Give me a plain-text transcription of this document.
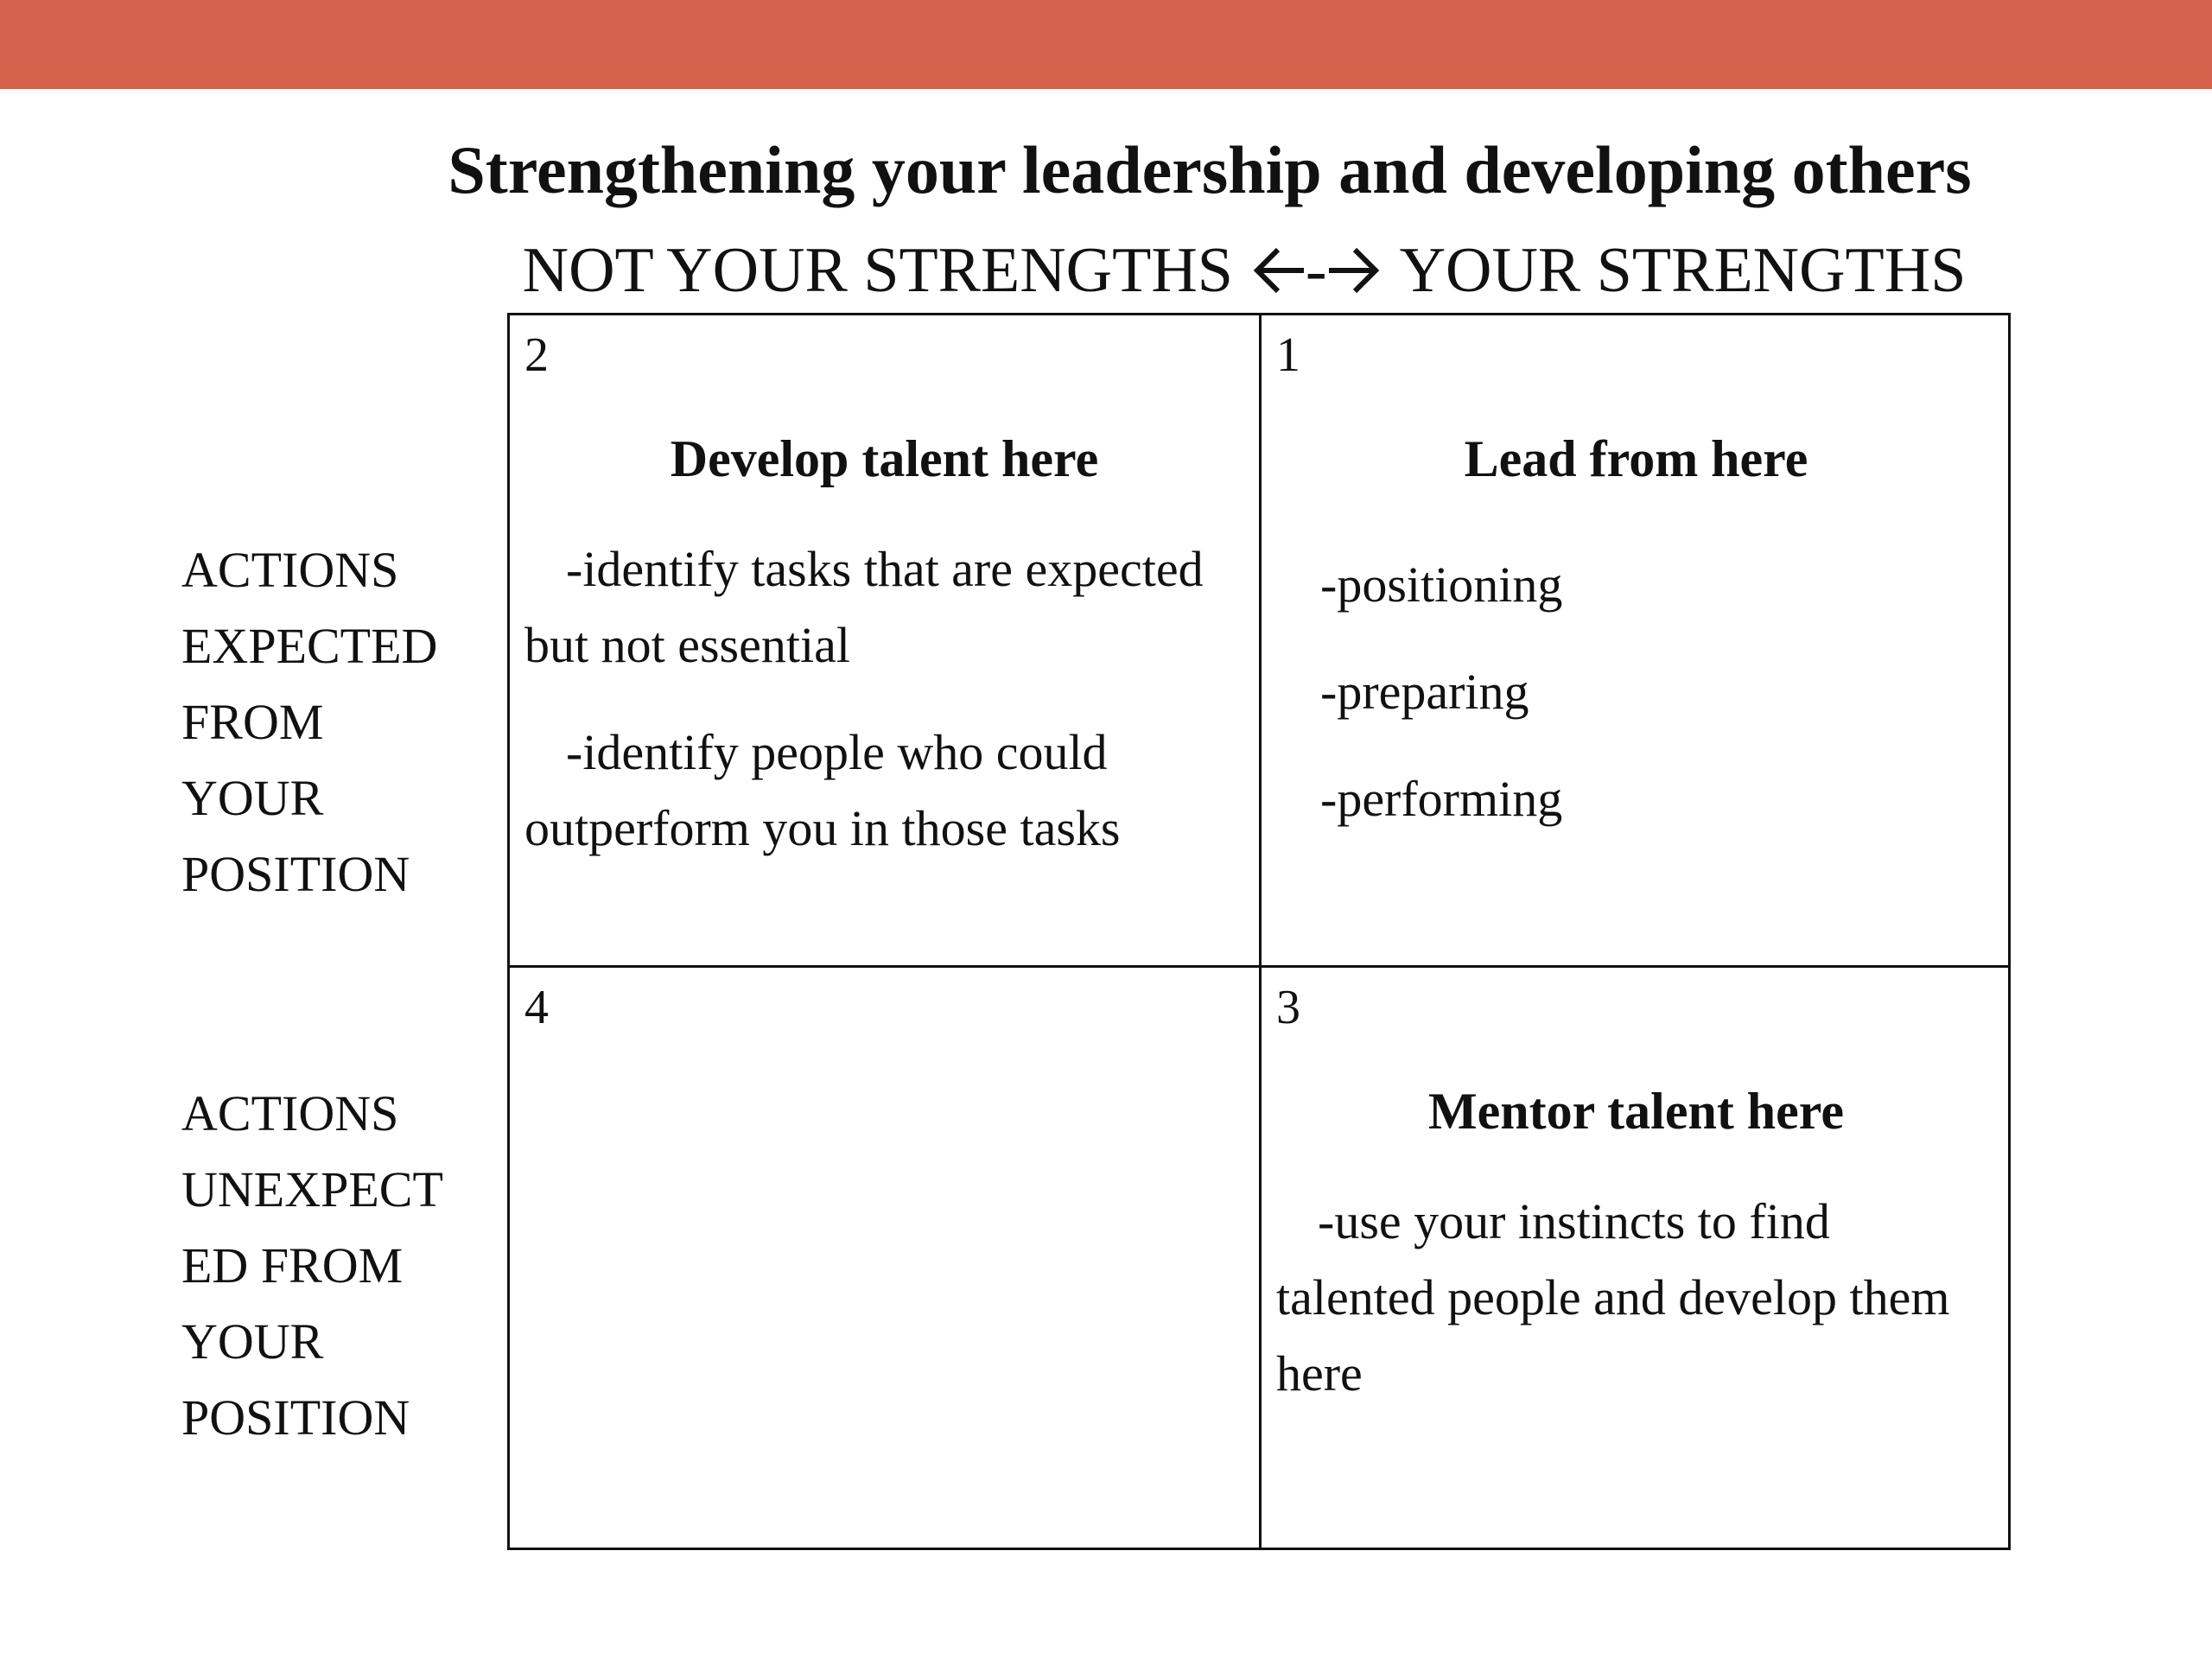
Strengthening your leadership and developing others
NOT YOUR STRENGTHS - YOUR STRENGTHS
ACTIONS
EXPECTED
FROM
YOUR
POSITION
ACTIONS
UNEXPECT
ED FROM
YOUR
POSITION
2
Develop talent here

-identify tasks that are expected but not essential

-identify people who could outperform you in those tasks

1
Lead from here
-positioning
-preparing
-performing
4	3
Mentor talent here

-use your instincts to find talented people and develop them here
